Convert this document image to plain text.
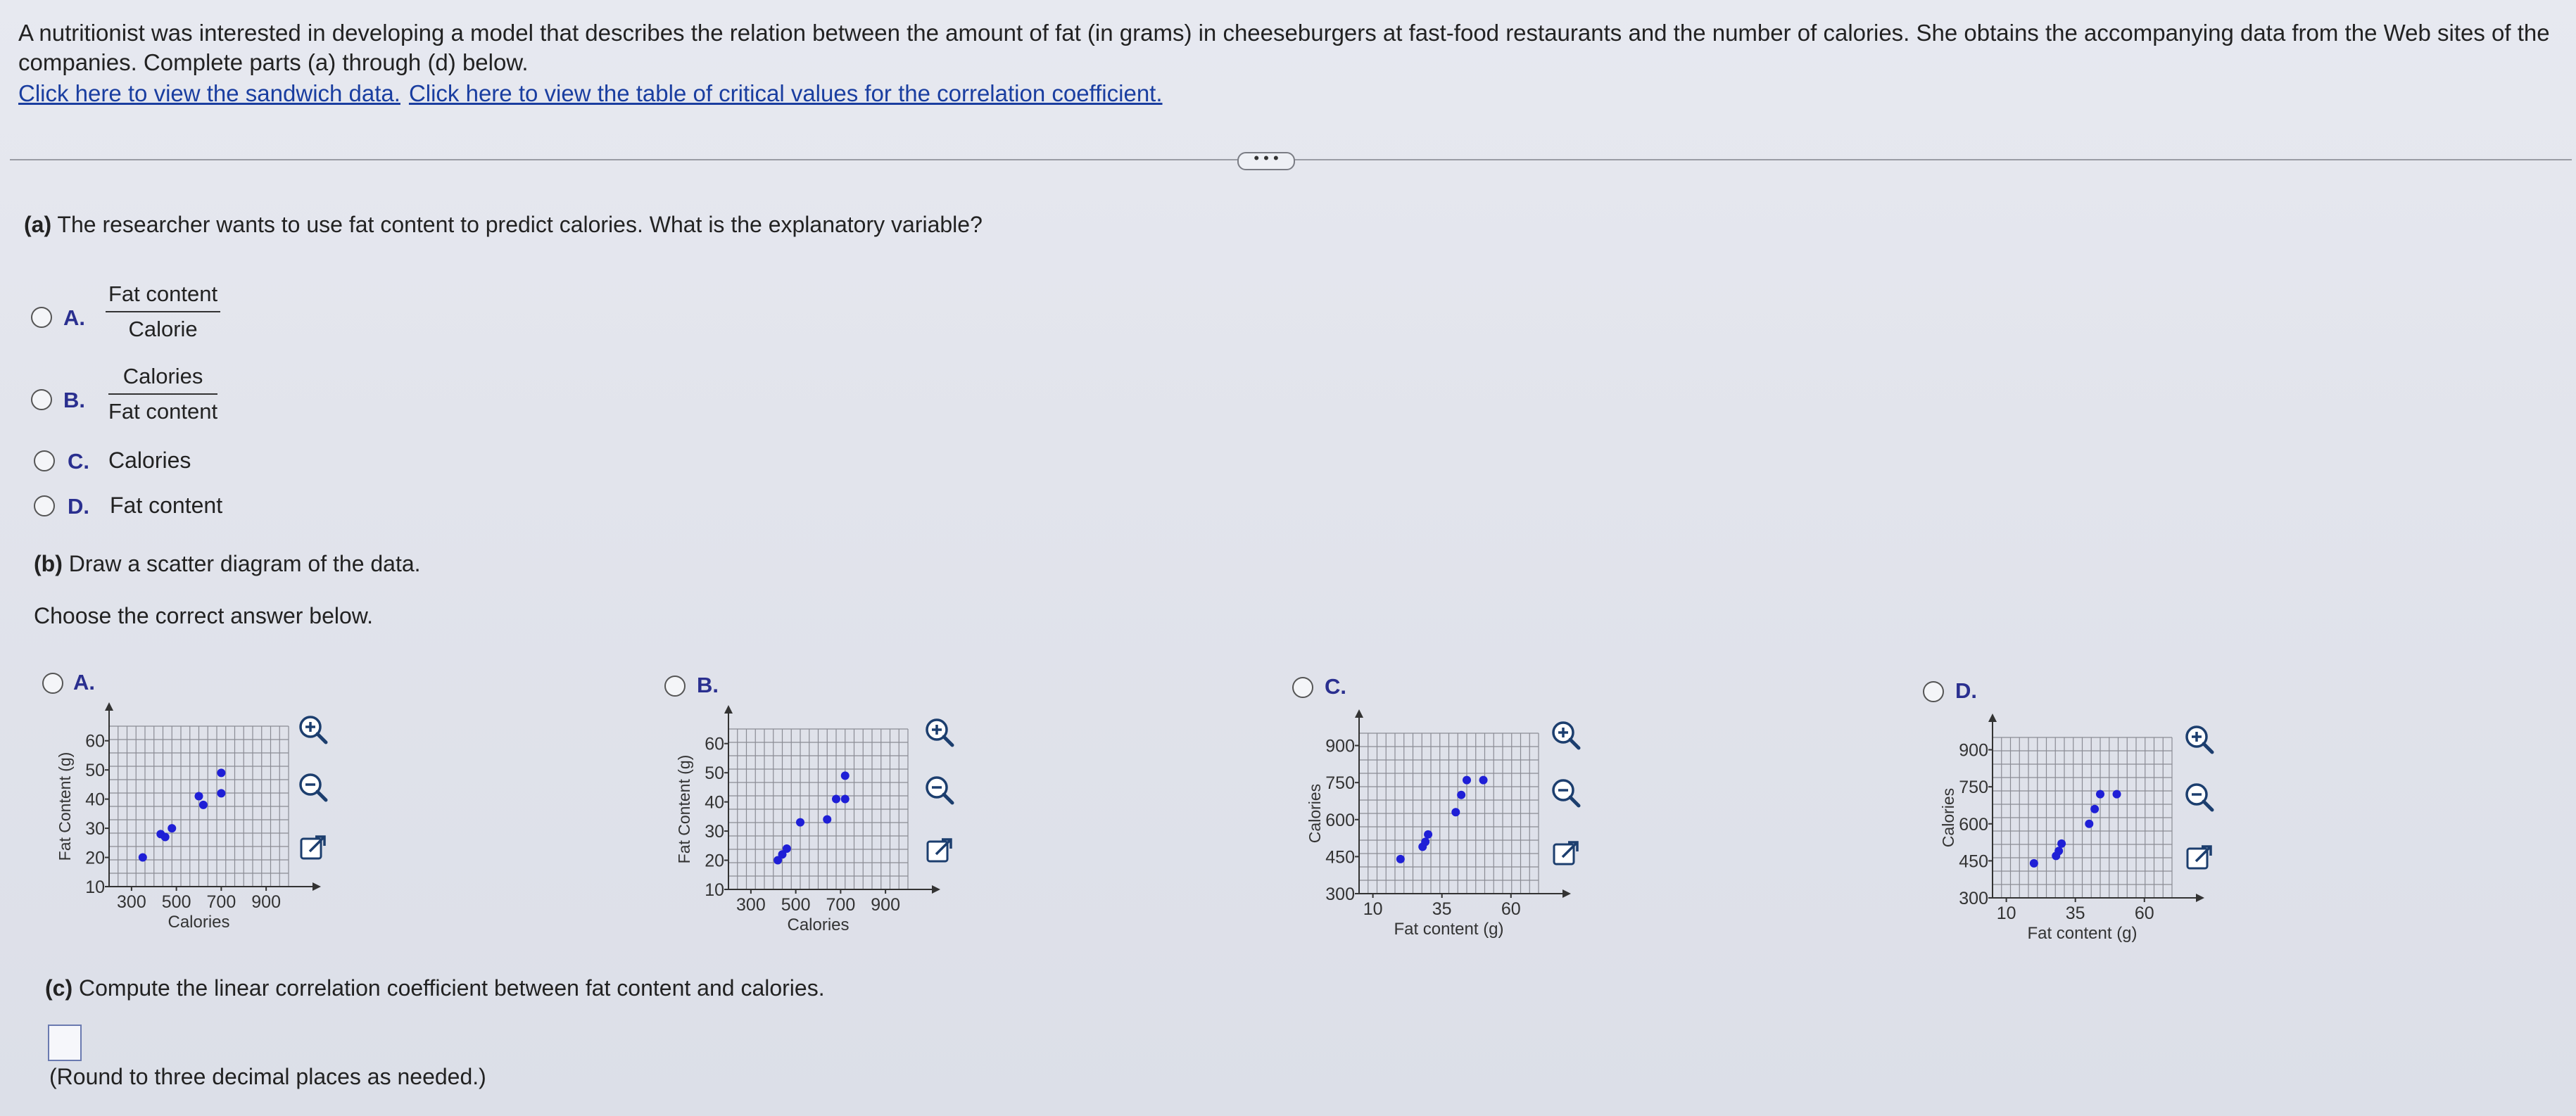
A nutritionist was interested in developing a model that describes the relation between the amount of fat (in grams) in cheeseburgers at fast-food restaurants and the number of calories. She obtains the accompanying data from the Web sites of the companies. Complete parts (a) through (d) below.
Click here to view the sandwich data. Click here to view the table of critical values for the correlation coefficient.
• • •
(a) The researcher wants to use fat content to predict calories. What is the explanatory variable?
A.
Fat content
Calorie
B.
Calories
Fat content
C. Calories
D. Fat content
(b) Draw a scatter diagram of the data.
Choose the correct answer below.
A.
10
20
30
40
50
60
300 500 700 900
Calories
Fat Content (g)
B.
10
20
30
40
50
60
300 500 700 900
Calories
Fat Content (g)
C.
300
450
600
750
900
10	35	60
Fat content (g)
Calories
D.
300
450
600
750
900
10	35	60
Fat content (g)
Calories
(c) Compute the linear correlation coefficient between fat content and calories.
(Round to three decimal places as needed.)
